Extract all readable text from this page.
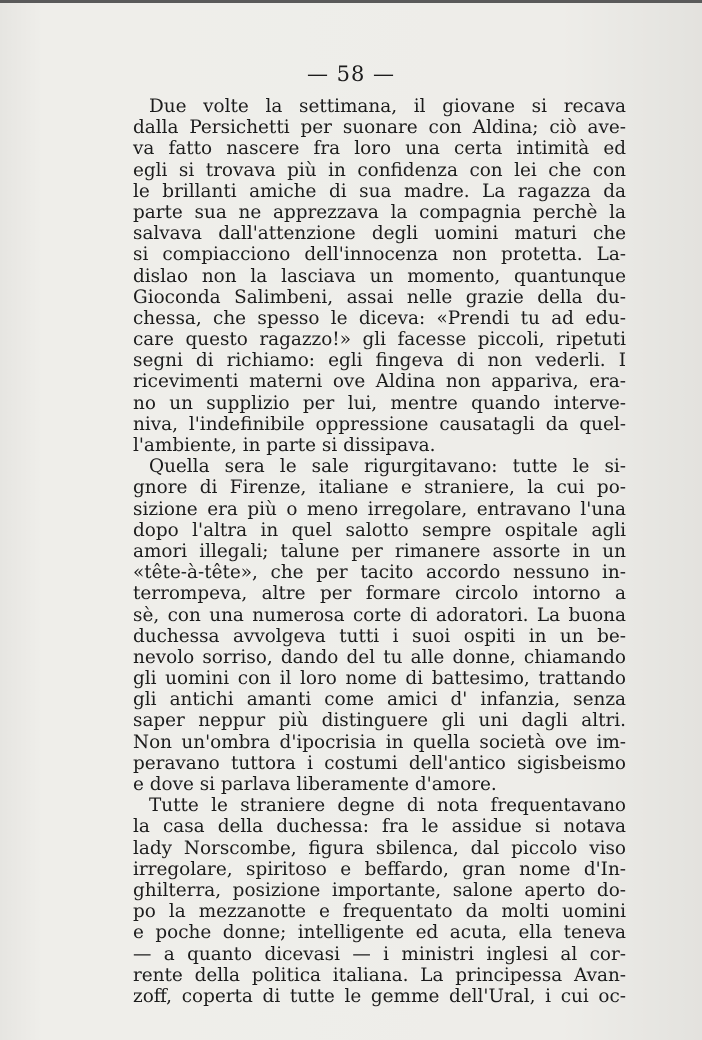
— 58 —
Due volte la settimana, il giovane si recava
dalla Persichetti per suonare con Aldina; ciò ave-
va fatto nascere fra loro una certa intimità ed
egli si trovava più in confidenza con lei che con
le brillanti amiche di sua madre. La ragazza da
parte sua ne apprezzava la compagnia perchè la
salvava dall'attenzione degli uomini maturi che
si compiacciono dell'innocenza non protetta. La-
dislao non la lasciava un momento, quantunque
Gioconda Salimbeni, assai nelle grazie della du-
chessa, che spesso le diceva: «Prendi tu ad edu-
care questo ragazzo!» gli facesse piccoli, ripetuti
segni di richiamo: egli fingeva di non vederli. I
ricevimenti materni ove Aldina non appariva, era-
no un supplizio per lui, mentre quando interve-
niva, l'indefinibile oppressione causatagli da quel-
l'ambiente, in parte si dissipava.
Quella sera le sale rigurgitavano: tutte le si-
gnore di Firenze, italiane e straniere, la cui po-
sizione era più o meno irregolare, entravano l'una
dopo l'altra in quel salotto sempre ospitale agli
amori illegali; talune per rimanere assorte in un
«tête-à-tête», che per tacito accordo nessuno in-
terrompeva, altre per formare circolo intorno a
sè, con una numerosa corte di adoratori. La buona
duchessa avvolgeva tutti i suoi ospiti in un be-
nevolo sorriso, dando del tu alle donne, chiamando
gli uomini con il loro nome di battesimo, trattando
gli antichi amanti come amici d' infanzia, senza
saper neppur più distinguere gli uni dagli altri.
Non un'ombra d'ipocrisia in quella società ove im-
peravano tuttora i costumi dell'antico sigisbeismo
e dove si parlava liberamente d'amore.
Tutte le straniere degne di nota frequentavano
la casa della duchessa: fra le assidue si notava
lady Norscombe, figura sbilenca, dal piccolo viso
irregolare, spiritoso e beffardo, gran nome d'In-
ghilterra, posizione importante, salone aperto do-
po la mezzanotte e frequentato da molti uomini
e poche donne; intelligente ed acuta, ella teneva
— a quanto dicevasi — i ministri inglesi al cor-
rente della politica italiana. La principessa Avan-
zoff, coperta di tutte le gemme dell'Ural, i cui oc-
